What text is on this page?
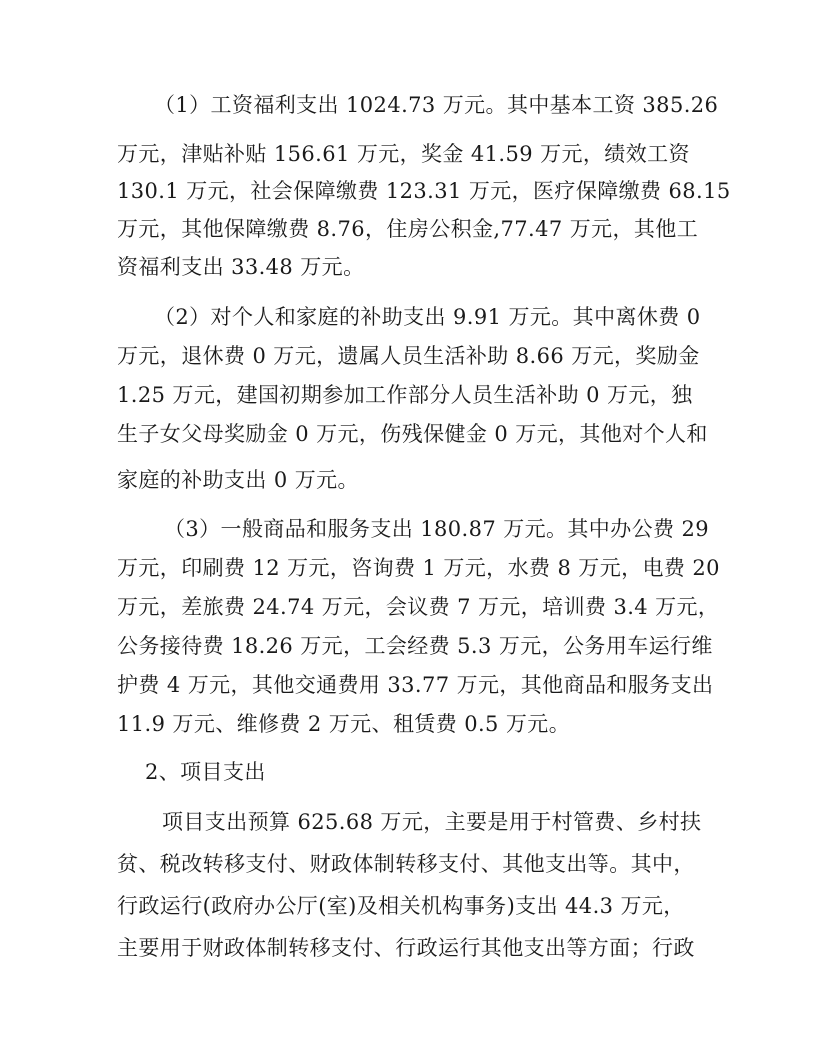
（1）工资福利支出 1024.73 万元。其中基本工资 385.26
万元，津贴补贴 156.61 万元，奖金 41.59 万元，绩效工资
130.1 万元，社会保障缴费 123.31 万元，医疗保障缴费 68.15
万元，其他保障缴费 8.76，住房公积金,77.47 万元，其他工
资福利支出 33.48 万元。
（2）对个人和家庭的补助支出 9.91 万元。其中离休费 0
万元，退休费 0 万元，遗属人员生活补助 8.66 万元，奖励金
1.25 万元，建国初期参加工作部分人员生活补助 0 万元，独
生子女父母奖励金 0 万元，伤残保健金 0 万元，其他对个人和
家庭的补助支出 0 万元。
（3）一般商品和服务支出 180.87 万元。其中办公费 29
万元，印刷费 12 万元，咨询费 1 万元，水费 8 万元，电费 20
万元，差旅费 24.74 万元，会议费 7 万元，培训费 3.4 万元，
公务接待费 18.26 万元，工会经费 5.3 万元，公务用车运行维
护费 4 万元，其他交通费用 33.77 万元，其他商品和服务支出
11.9 万元、维修费 2 万元、租赁费 0.5 万元。
2、项目支出
项目支出预算 625.68 万元，主要是用于村管费、乡村扶
贫、税改转移支付、财政体制转移支付、其他支出等。其中，
行政运行(政府办公厅(室)及相关机构事务)支出 44.3 万元，
主要用于财政体制转移支付、行政运行其他支出等方面；行政
